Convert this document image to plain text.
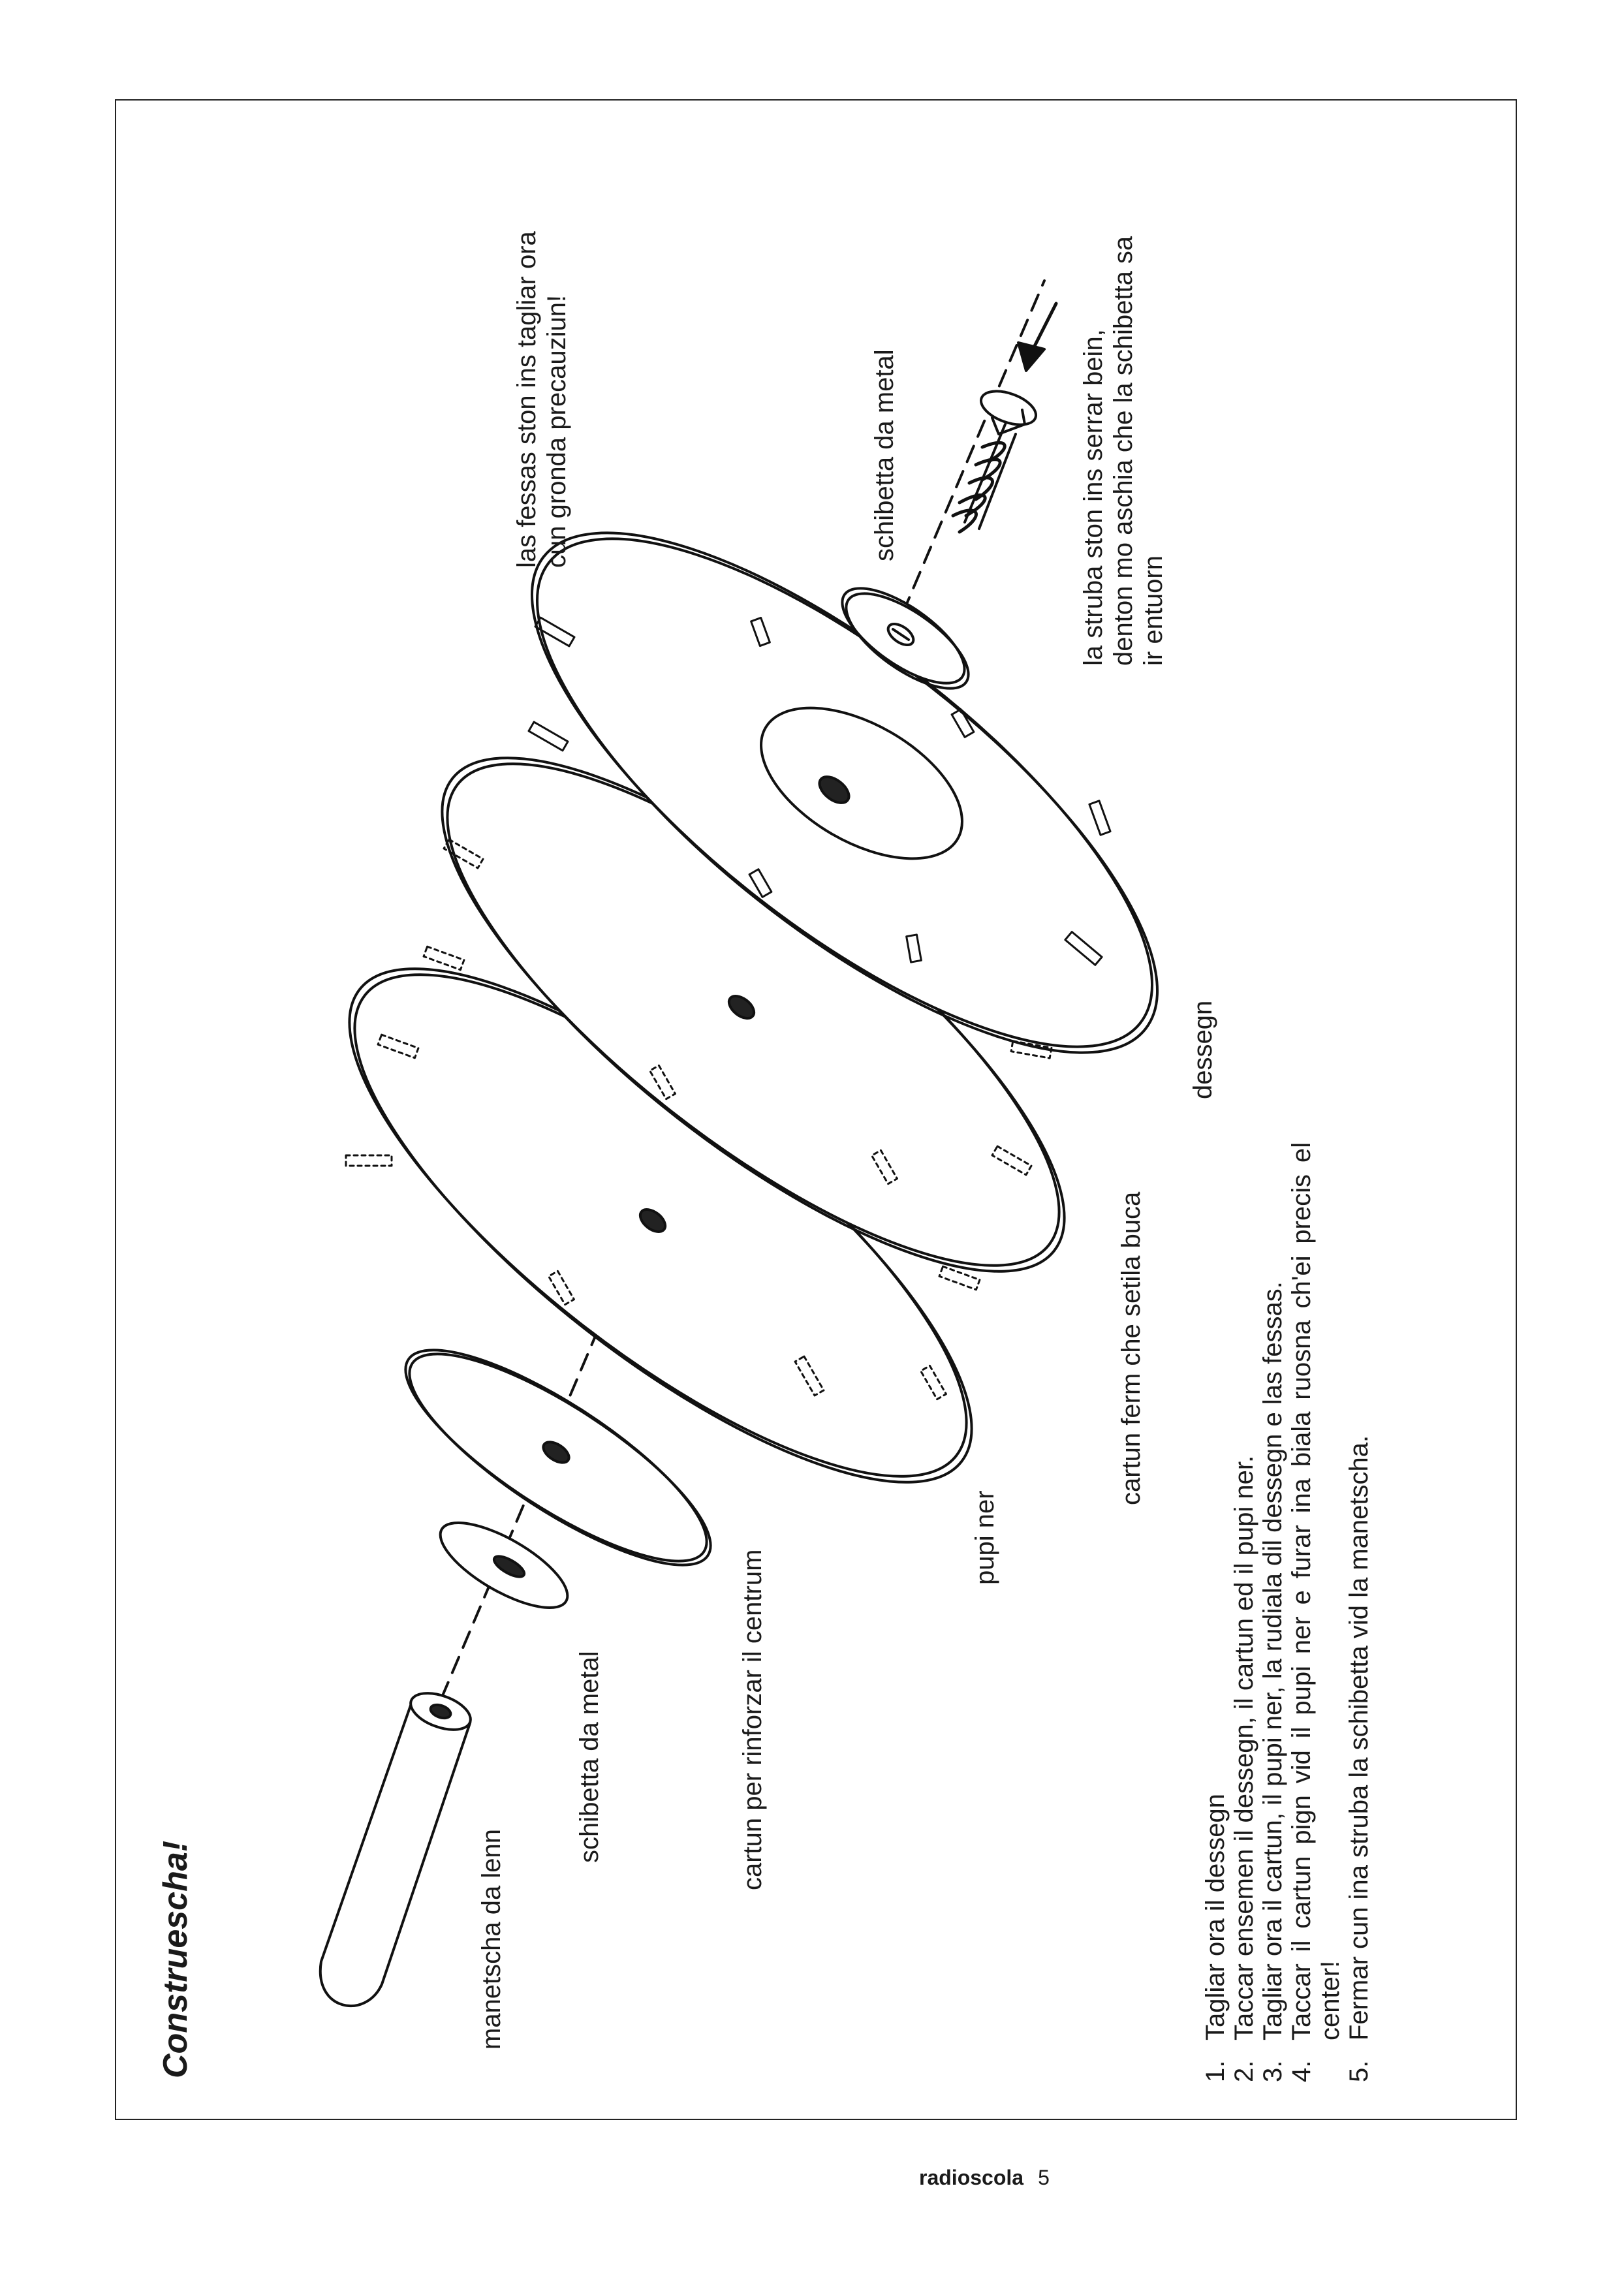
Construescha!	manetscha da lenn
schibetta da metal	cartun per rinforzar il centrum
pupi ner
cartun ferm che setila buca
dessegn
schibetta da metal
las fessas ston ins tagliar ora cun gronda precauziun!	la struba ston ins serrar bein, denton mo aschia che la schibetta sa ir entuorn
1.
Tagliar ora il dessegn
2.
Taccar ensemen il dessegn, il cartun ed il pupi ner.
3.
Tagliar ora il cartun, il pupi ner, la rudiala dil dessegn e las fessas.
4.
Taccar il cartun pign vid il pupi ner e furar ina biala ruosna ch'ei precis el center!
5.
Fermar cun ina struba la schibetta vid la manetscha.
radioscola 5
